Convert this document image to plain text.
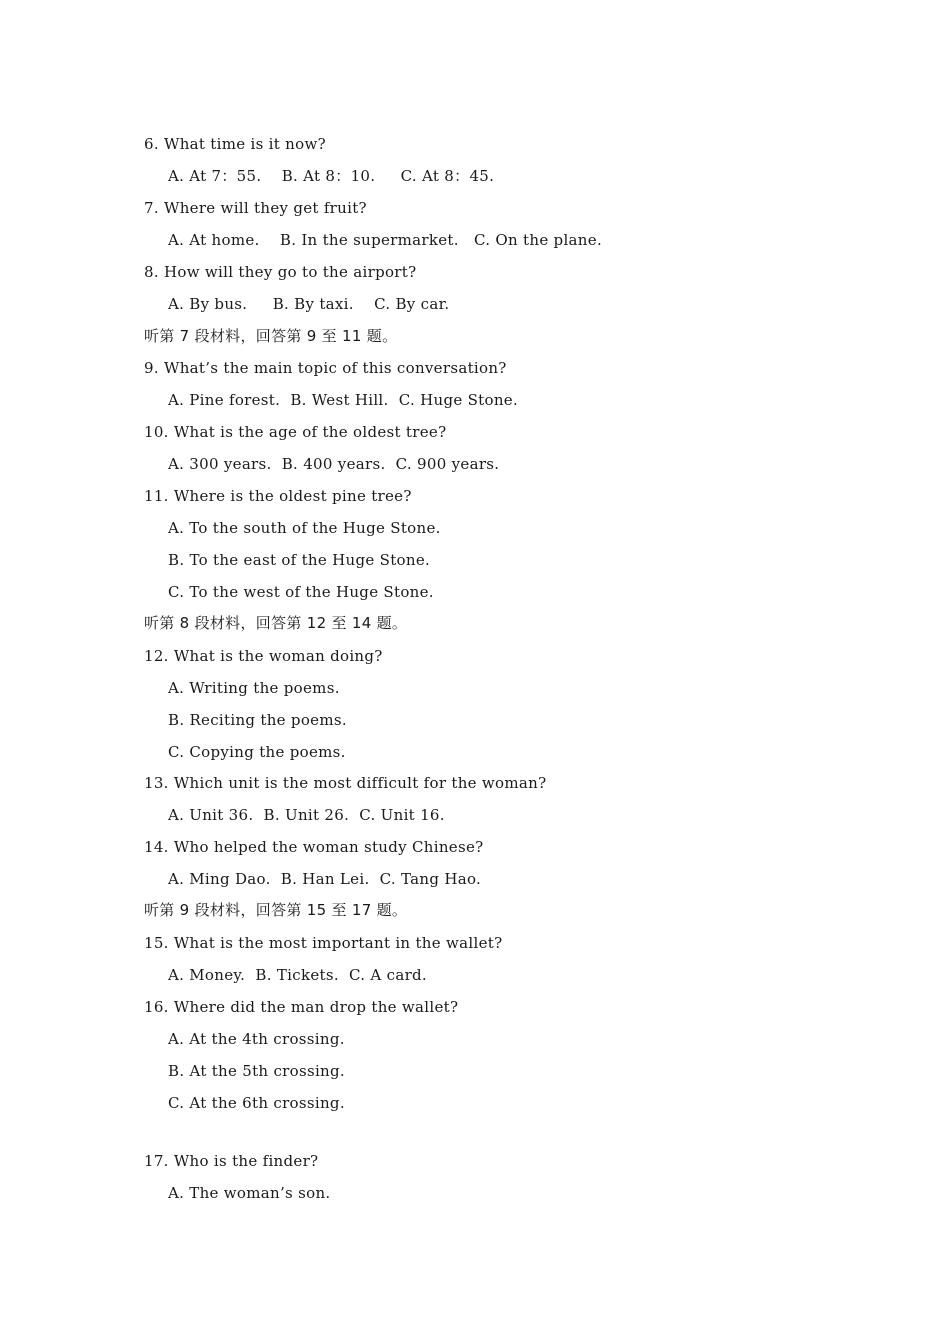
6. What time is it now?
A. At 7：55.    B. At 8：10.     C. At 8：45.
7. Where will they get fruit?
A. At home.    B. In the supermarket.   C. On the plane.
8. How will they go to the airport?
A. By bus.     B. By taxi.    C. By car.
听第 7 段材料，回答第 9 至 11 题。
9. What’s the main topic of this conversation?
A. Pine forest.  B. West Hill.  C. Huge Stone.
10. What is the age of the oldest tree?
A. 300 years.  B. 400 years.  C. 900 years.
11. Where is the oldest pine tree?
A. To the south of the Huge Stone.
B. To the east of the Huge Stone.
C. To the west of the Huge Stone.
听第 8 段材料，回答第 12 至 14 题。
12. What is the woman doing?
A. Writing the poems.
B. Reciting the poems.
C. Copying the poems.
13. Which unit is the most difficult for the woman?
A. Unit 36.  B. Unit 26.  C. Unit 16.
14. Who helped the woman study Chinese?
A. Ming Dao.  B. Han Lei.  C. Tang Hao.
听第 9 段材料，回答第 15 至 17 题。
15. What is the most important in the wallet?
A. Money.  B. Tickets.  C. A card.
16. Where did the man drop the wallet?
A. At the 4th crossing.
B. At the 5th crossing.
C. At the 6th crossing.
17. Who is the finder?
A. The woman’s son.
